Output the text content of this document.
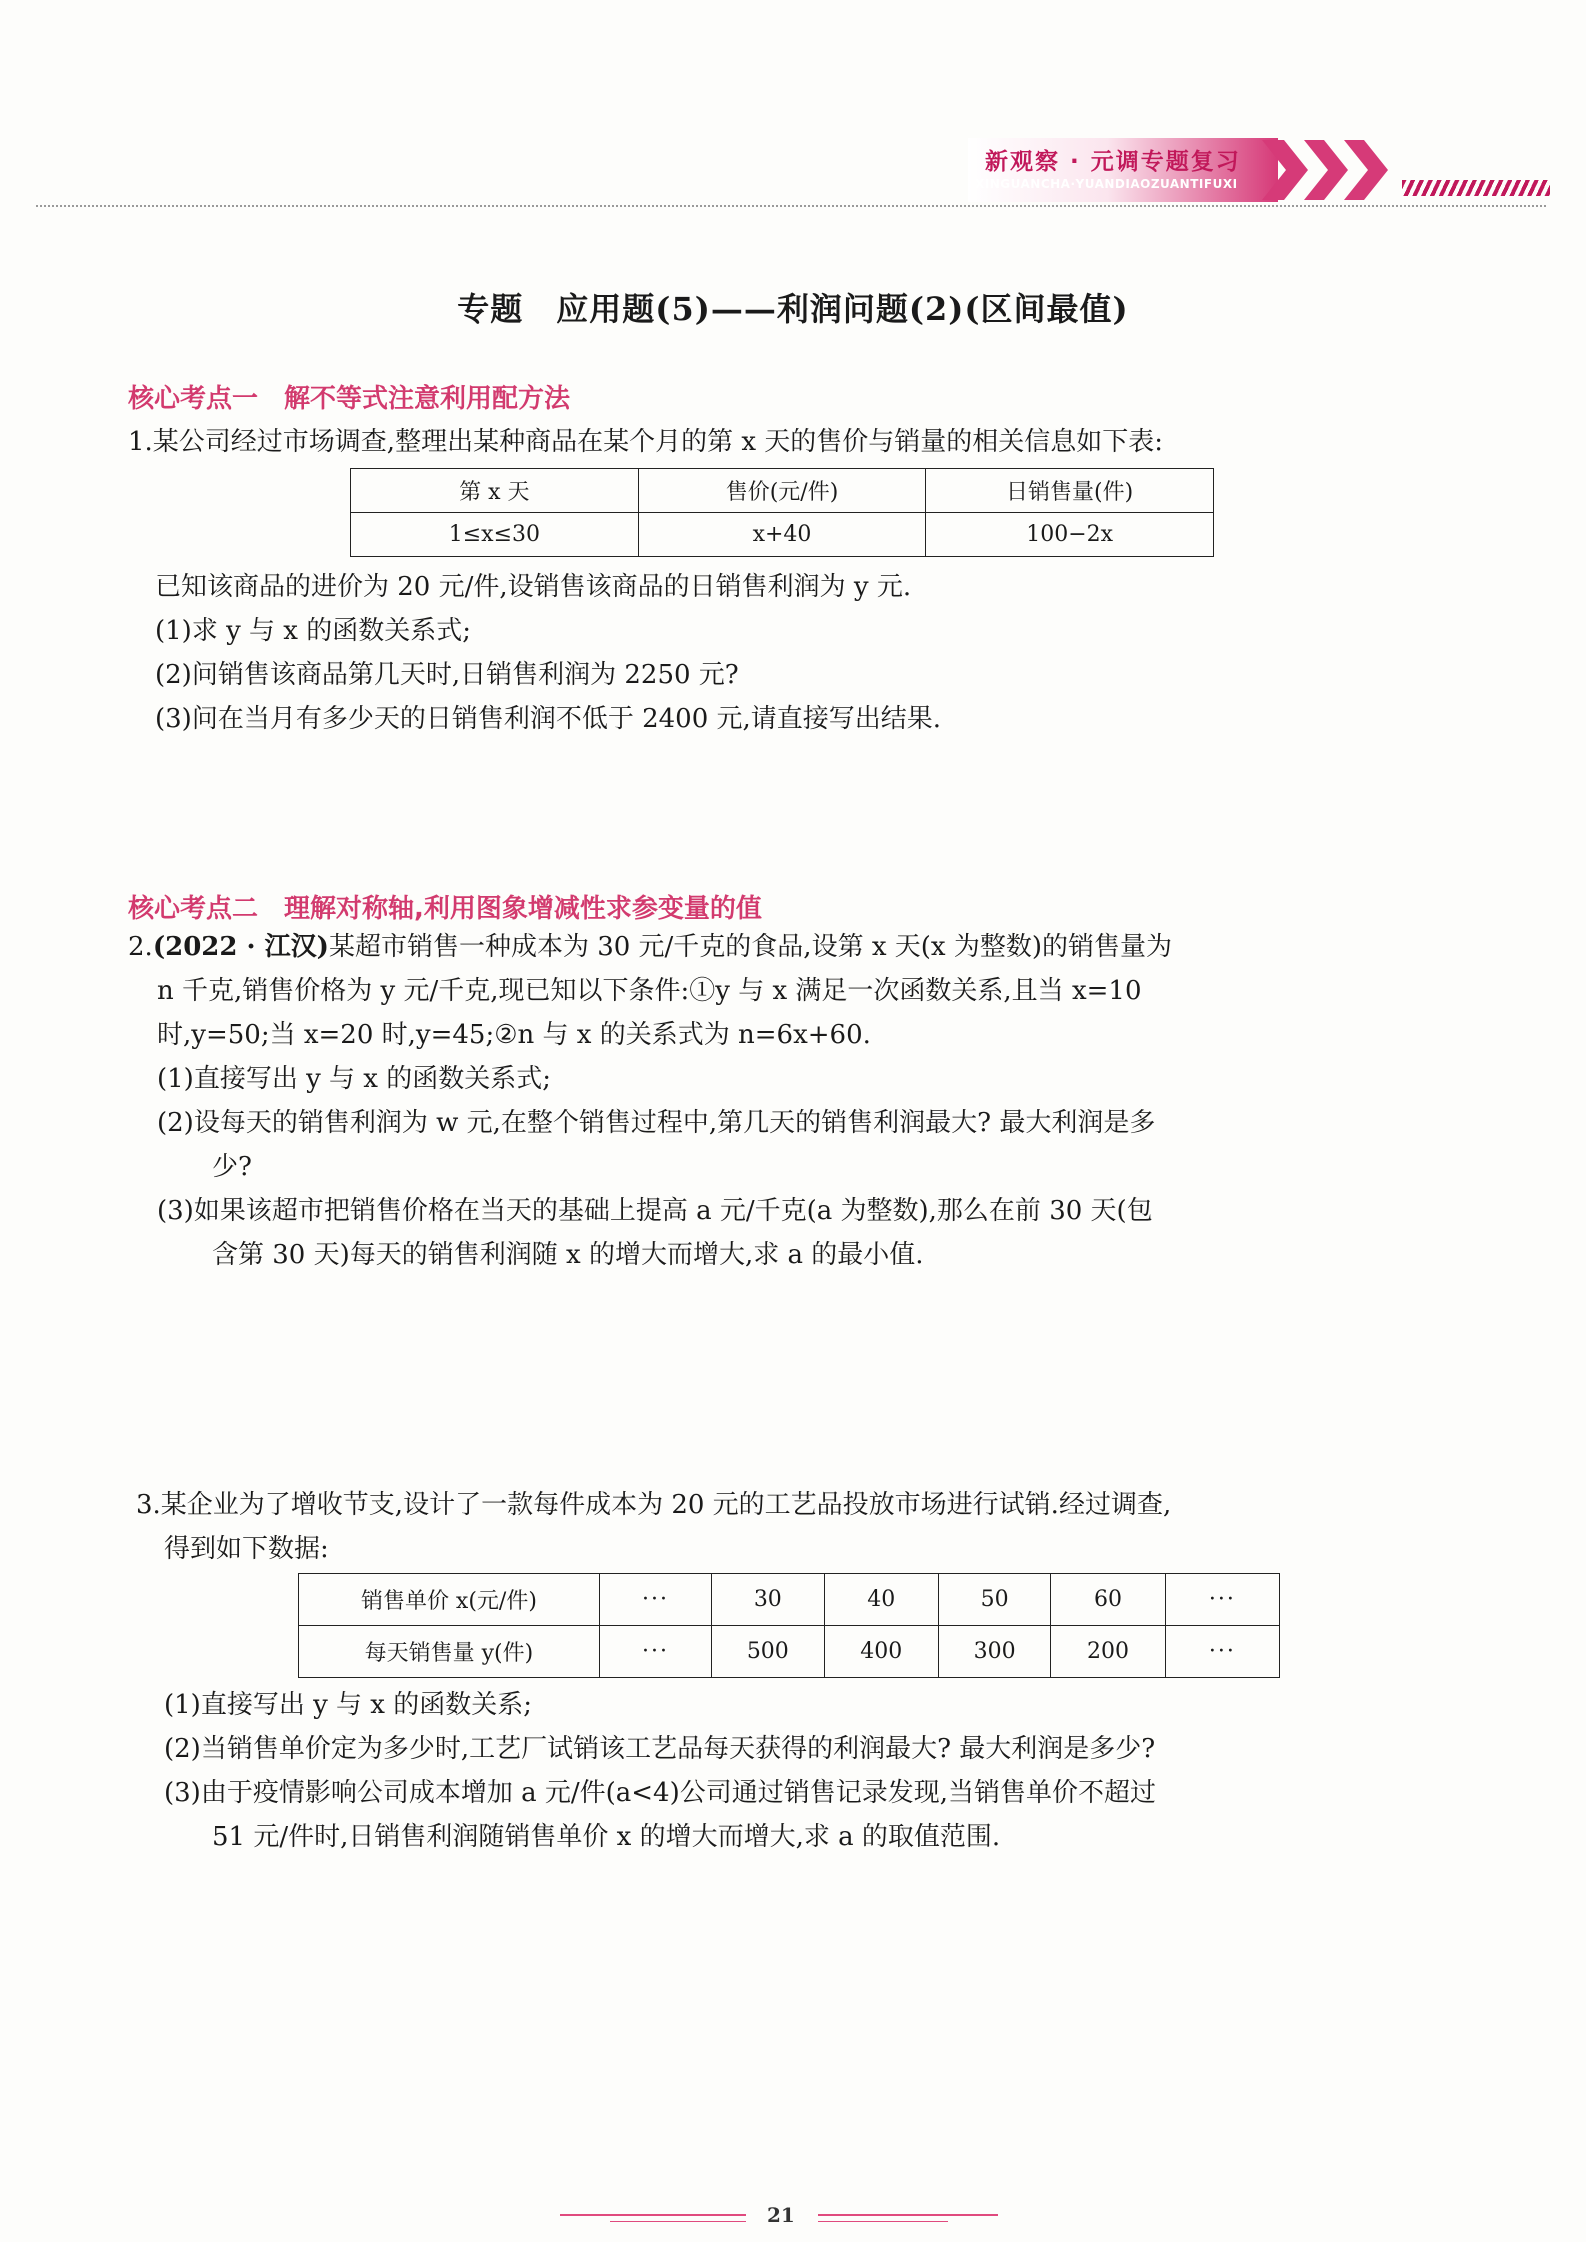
新观察 · 元调专题复习
XINGUANCHA·YUANDIAOZUANTIFUXI
专题　应用题(5)——利润问题(2)(区间最值)
核心考点一　解不等式注意利用配方法
1.某公司经过市场调查,整理出某种商品在某个月的第 x 天的售价与销量的相关信息如下表:
第 x 天	售价(元/件)	日销售量(件)
1≤x≤30	x+40	100−2x
已知该商品的进价为 20 元/件,设销售该商品的日销售利润为 y 元.
(1)求 y 与 x 的函数关系式;
(2)问销售该商品第几天时,日销售利润为 2250 元?
(3)问在当月有多少天的日销售利润不低于 2400 元,请直接写出结果.
核心考点二　理解对称轴,利用图象增减性求参变量的值
2.(2022 · 江汉)某超市销售一种成本为 30 元/千克的食品,设第 x 天(x 为整数)的销售量为
n 千克,销售价格为 y 元/千克,现已知以下条件:①y 与 x 满足一次函数关系,且当 x=10
时,y=50;当 x=20 时,y=45;②n 与 x 的关系式为 n=6x+60.
(1)直接写出 y 与 x 的函数关系式;
(2)设每天的销售利润为 w 元,在整个销售过程中,第几天的销售利润最大? 最大利润是多
少?
(3)如果该超市把销售价格在当天的基础上提高 a 元/千克(a 为整数),那么在前 30 天(包
含第 30 天)每天的销售利润随 x 的增大而增大,求 a 的最小值.
3.某企业为了增收节支,设计了一款每件成本为 20 元的工艺品投放市场进行试销.经过调查,
得到如下数据:
销售单价 x(元/件)	···	30	40	50	60	···
每天销售量 y(件)	···	500	400	300	200	···
(1)直接写出 y 与 x 的函数关系;
(2)当销售单价定为多少时,工艺厂试销该工艺品每天获得的利润最大? 最大利润是多少?
(3)由于疫情影响公司成本增加 a 元/件(a<4)公司通过销售记录发现,当销售单价不超过
51 元/件时,日销售利润随销售单价 x 的增大而增大,求 a 的取值范围.
21
